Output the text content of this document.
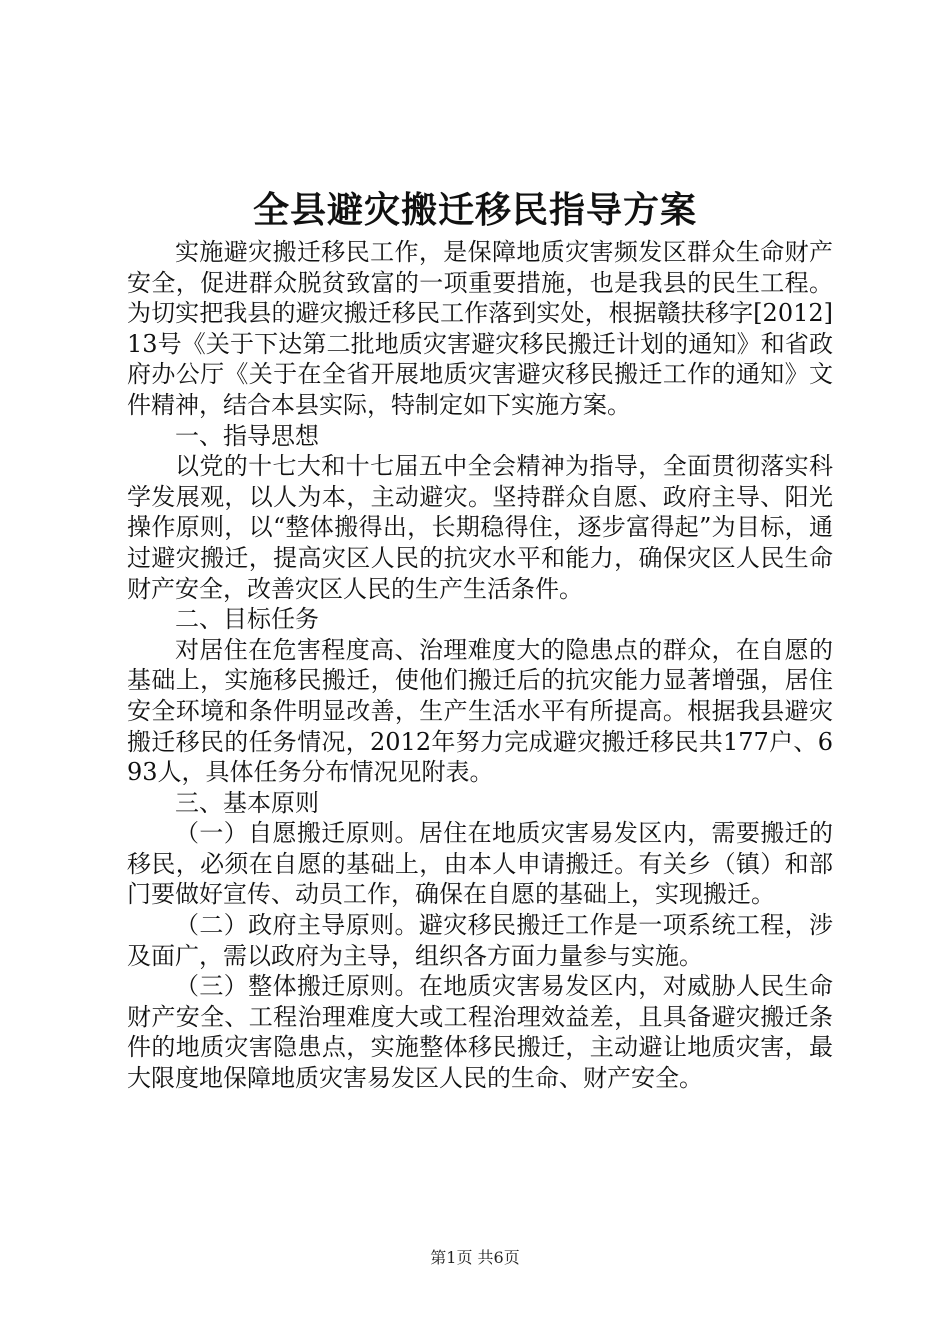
全县避灾搬迁移民指导方案

实施避灾搬迁移民工作，是保障地质灾害频发区群众生命财产安全，促进群众脱贫致富的一项重要措施，也是我县的民生工程。为切实把我县的避灾搬迁移民工作落到实处，根据赣扶移字[2012]13号《关于下达第二批地质灾害避灾移民搬迁计划的通知》和省政府办公厅《关于在全省开展地质灾害避灾移民搬迁工作的通知》文件精神，结合本县实际，特制定如下实施方案。

一、指导思想

以党的十七大和十七届五中全会精神为指导，全面贯彻落实科学发展观，以人为本，主动避灾。坚持群众自愿、政府主导、阳光操作原则，以“整体搬得出，长期稳得住，逐步富得起”为目标，通过避灾搬迁，提高灾区人民的抗灾水平和能力，确保灾区人民生命财产安全，改善灾区人民的生产生活条件。

二、目标任务

对居住在危害程度高、治理难度大的隐患点的群众，在自愿的基础上，实施移民搬迁，使他们搬迁后的抗灾能力显著增强，居住安全环境和条件明显改善，生产生活水平有所提高。根据我县避灾搬迁移民的任务情况，2012年努力完成避灾搬迁移民共177户、693人，具体任务分布情况见附表。

三、基本原则

（一）自愿搬迁原则。居住在地质灾害易发区内，需要搬迁的移民，必须在自愿的基础上，由本人申请搬迁。有关乡（镇）和部门要做好宣传、动员工作，确保在自愿的基础上，实现搬迁。

（二）政府主导原则。避灾移民搬迁工作是一项系统工程，涉及面广，需以政府为主导，组织各方面力量参与实施。

（三）整体搬迁原则。在地质灾害易发区内，对威胁人民生命财产安全、工程治理难度大或工程治理效益差，且具备避灾搬迁条件的地质灾害隐患点，实施整体移民搬迁，主动避让地质灾害，最大限度地保障地质灾害易发区人民的生命、财产安全。

第1页 共6页
